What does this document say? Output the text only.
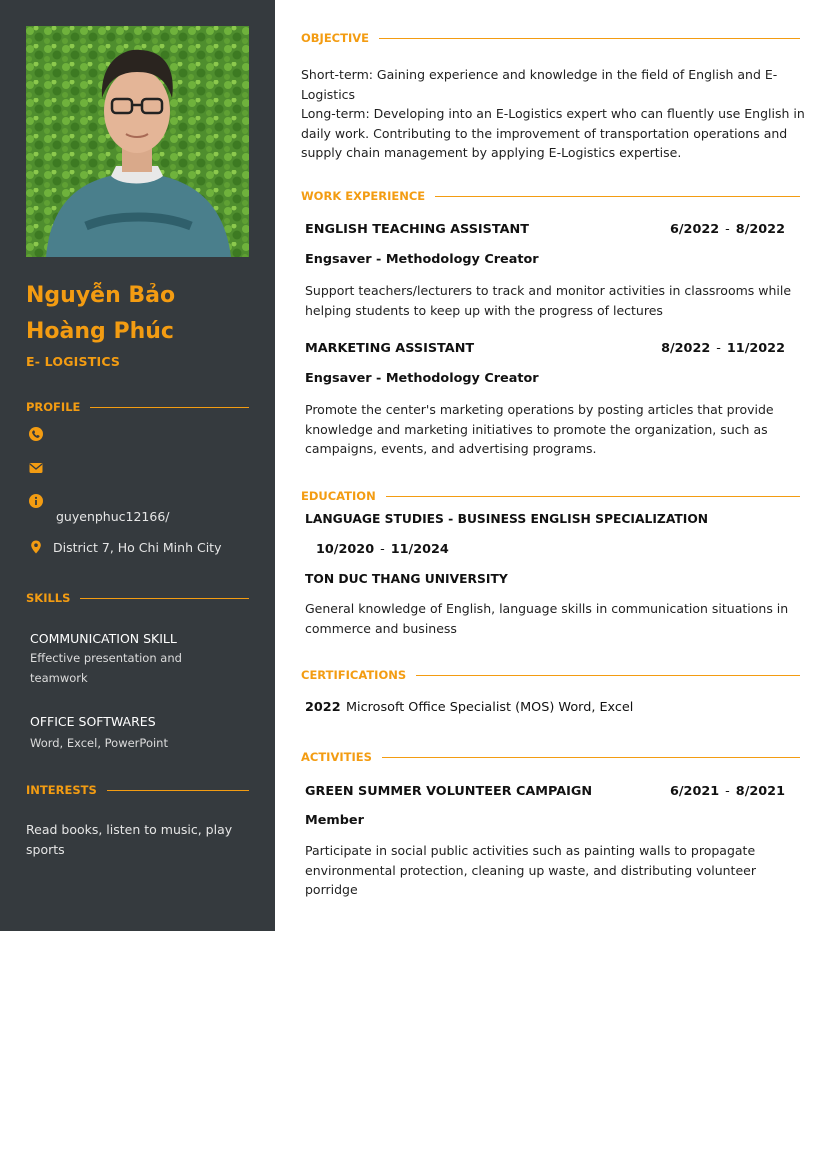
Nguyễn Bảo
Hoàng Phúc
E- LOGISTICS
PROFILE
guyenphuc12166/
District 7, Ho Chi Minh City
SKILLS
COMMUNICATION SKILL
Effective presentation and teamwork
OFFICE SOFTWARES
Word, Excel, PowerPoint
INTERESTS
Read books, listen to music, play sports
OBJECTIVE
Short-term: Gaining experience and knowledge in the field of English and E-Logistics
Long-term: Developing into an E-Logistics expert who can fluently use English in daily work. Contributing to the improvement of transportation operations and supply chain management by applying E-Logistics expertise.
WORK EXPERIENCE
ENGLISH TEACHING ASSISTANT	6/2022 - 8/2022
Engsaver - Methodology Creator
Support teachers/lecturers to track and monitor activities in classrooms while helping students to keep up with the progress of lectures
MARKETING ASSISTANT	8/2022 - 11/2022
Engsaver - Methodology Creator
Promote the center's marketing operations by posting articles that provide knowledge and marketing initiatives to promote the organization, such as campaigns, events, and advertising programs.
EDUCATION
LANGUAGE STUDIES - BUSINESS ENGLISH SPECIALIZATION
10/2020 - 11/2024
TON DUC THANG UNIVERSITY
General knowledge of English, language skills in communication situations in commerce and business
CERTIFICATIONS
2022 Microsoft Office Specialist (MOS) Word, Excel
ACTIVITIES
GREEN SUMMER VOLUNTEER CAMPAIGN	6/2021 - 8/2021
Member
Participate in social public activities such as painting walls to propagate environmental protection, cleaning up waste, and distributing volunteer porridge
